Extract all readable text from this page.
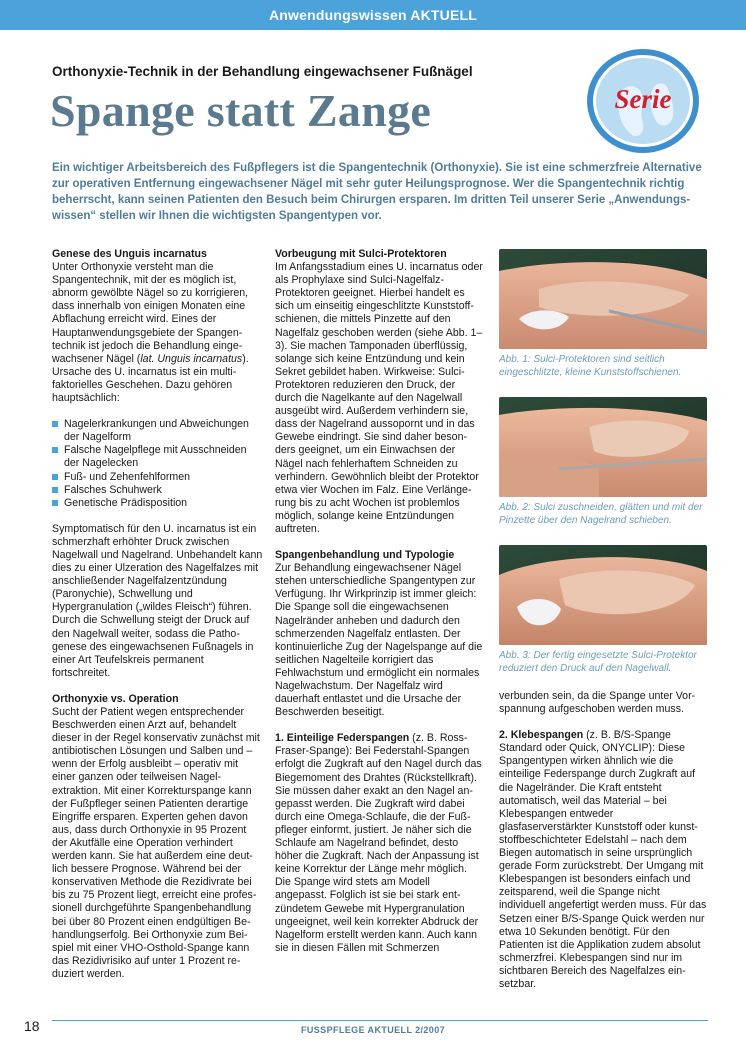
Anwendungswissen AKTUELL
Orthonyxie-Technik in der Behandlung eingewachsener Fußnägel
Spange statt Zange	Serie
Ein wichtiger Arbeitsbereich des Fußpflegers ist die Spangentechnik (Orthonyxie). Sie ist eine schmerzfreie Alternative zur operativen Entfernung eingewachsener Nägel mit sehr guter Heilungsprognose. Wer die Spangentechnik richtig beherrscht, kann seinen Patienten den Besuch beim Chirurgen ersparen. Im dritten Teil unserer Serie „Anwendungswissen“ stellen wir Ihnen die wichtigsten Spangentypen vor.
Genese des Unguis incarnatus

Unter Orthonyxie versteht man die Spangentechnik, mit der es möglich ist, abnorm gewölbte Nägel so zu korrigieren, dass innerhalb von einigen Monaten eine Abflachung erreicht wird. Eines der Hauptanwendungsgebiete der Spangentechnik ist jedoch die Behandlung eingewachsener Nägel (lat. Unguis incarnatus). Ursache des U. incarnatus ist ein multifaktorielles Geschehen. Dazu gehören hauptsächlich:

Nagelerkrankungen und Abweichungen der Nagelform
Falsche Nagelpflege mit Ausschneiden der Nagelecken
Fuß- und Zehenfehlformen
Falsches Schuhwerk
Genetische Prädisposition

Symptomatisch für den U. incarnatus ist ein schmerzhaft erhöhter Druck zwischen Nagelwall und Nagelrand. Unbehandelt kann dies zu einer Ulzeration des Nagelfalzes mit anschließender Nagelfalzentzündung (Paronychie), Schwellung und Hypergranulation („wildes Fleisch“) führen. Durch die Schwellung steigt der Druck auf den Nagelwall weiter, sodass die Pathogenese des eingewachsenen Fußnagels in einer Art Teufelskreis permanent fortschreitet.

Orthonyxie vs. Operation

Sucht der Patient wegen entsprechender Beschwerden einen Arzt auf, behandelt dieser in der Regel konservativ zunächst mit antibiotischen Lösungen und Salben und – wenn der Erfolg ausbleibt – operativ mit einer ganzen oder teilweisen Nagelextraktion. Mit einer Korrekturspange kann der Fußpfleger seinen Patienten derartige Eingriffe ersparen. Experten gehen davon aus, dass durch Orthonyxie in 95 Prozent der Akutfälle eine Operation verhindert werden kann. Sie hat außerdem eine deutlich bessere Prognose. Während bei der konservativen Methode die Rezidivrate bei bis zu 75 Prozent liegt, erreicht eine professionell durchgeführte Spangenbehandlung bei über 80 Prozent einen endgültigen Behandlungserfolg. Bei Orthonyxie zum Beispiel mit einer VHO-Osthold-Spange kann das Rezidivrisiko auf unter 1 Prozent reduziert werden.

Vorbeugung mit Sulci-Protektoren

Im Anfangsstadium eines U. incarnatus oder als Prophylaxe sind Sulci-Nagelfalz-Protektoren geeignet. Hierbei handelt es sich um einseitig eingeschlitzte Kunststoffschienen, die mittels Pinzette auf den Nagelfalz geschoben werden (siehe Abb. 1–3). Sie machen Tamponaden überflüssig, solange sich keine Entzündung und kein Sekret gebildet haben. Wirkweise: Sulci-Protektoren reduzieren den Druck, der durch die Nagelkante auf den Nagelwall ausgeübt wird. Außerdem verhindern sie, dass der Nagelrand aussopornt und in das Gewebe eindringt. Sie sind daher besonders geeignet, um ein Einwachsen der Nägel nach fehlerhaftem Schneiden zu verhindern. Gewöhnlich bleibt der Protektor etwa vier Wochen im Falz. Eine Verlängerung bis zu acht Wochen ist problemlos möglich, solange keine Entzündungen auftreten.

Spangenbehandlung und Typologie

Zur Behandlung eingewachsener Nägel stehen unterschiedliche Spangentypen zur Verfügung. Ihr Wirkprinzip ist immer gleich: Die Spange soll die eingewachsenen Nagelränder anheben und dadurch den schmerzenden Nagelfalz entlasten. Der kontinuierliche Zug der Nagelspange auf die seitlichen Nagelteile korrigiert das Fehlwachstum und ermöglicht ein normales Nagelwachstum. Der Nagelfalz wird dauerhaft entlastet und die Ursache der Beschwerden beseitigt.

1. Einteilige Federspangen (z. B. Ross-Fraser-Spange): Bei Federstahl-Spangen erfolgt die Zugkraft auf den Nagel durch das Biegemoment des Drahtes (Rückstellkraft). Sie müssen daher exakt an den Nagel angepasst werden. Die Zugkraft wird dabei durch eine Omega-Schlaufe, die der Fußpfleger einformt, justiert. Je näher sich die Schlaufe am Nagelrand befindet, desto höher die Zugkraft. Nach der Anpassung ist keine Korrektur der Länge mehr möglich. Die Spange wird stets am Modell angepasst. Folglich ist sie bei stark entzündetem Gewebe mit Hypergranulation ungeeignet, weil kein korrekter Abdruck der Nagelform erstellt werden kann. Auch kann sie in diesen Fällen mit Schmerzen

Abb. 1: Sulci-Protektoren sind seitlich eingeschlitzte, kleine Kunststoffschienen.
Abb. 2: Sulci zuschneiden, glätten und mit der Pinzette über den Nagelrand schieben.
Abb. 3: Der fertig eingesetzte Sulci-Protektor reduziert den Druck auf den Nagelwall.

verbunden sein, da die Spange unter Vorspannung aufgeschoben werden muss.

2. Klebespangen (z. B. B/S-Spange Standard oder Quick, ONYCLIP): Diese Spangentypen wirken ähnlich wie die einteilige Federspange durch Zugkraft auf die Nagelränder. Die Kraft entsteht automatisch, weil das Material – bei Klebespangen entweder glasfaserverstärkter Kunststoff oder kunststoffbeschichteter Edelstahl – nach dem Biegen automatisch in seine ursprünglich gerade Form zurückstrebt. Der Umgang mit Klebespangen ist besonders einfach und zeitsparend, weil die Spange nicht individuell angefertigt werden muss. Für das Setzen einer B/S-Spange Quick werden nur etwa 10 Sekunden benötigt. Für den Patienten ist die Applikation zudem absolut schmerzfrei. Klebespangen sind nur im sichtbaren Bereich des Nagelfalzes einsetzbar.

18	FUSSPFLEGE AKTUELL 2/2007
